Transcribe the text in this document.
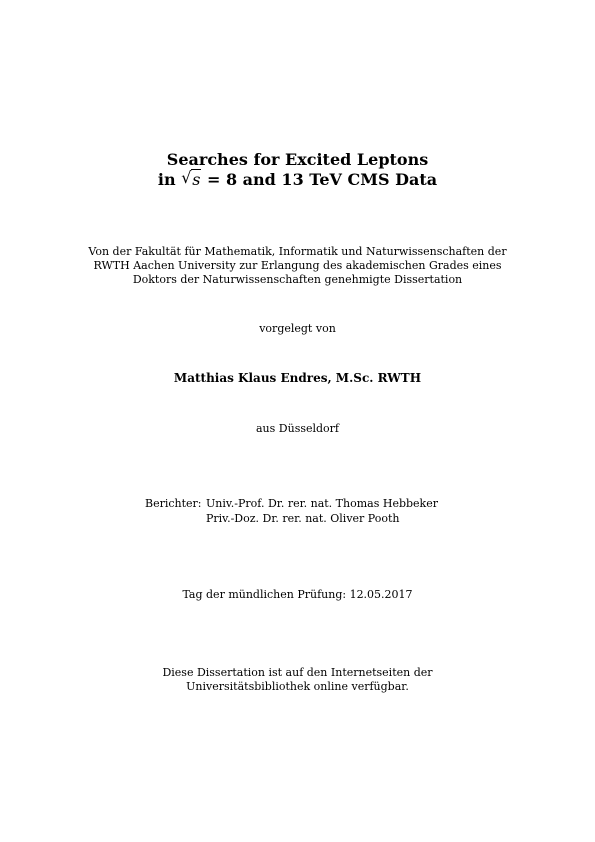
Searches for Excited Leptons
in √ s = 8 and 13 TeV CMS Data
Von der Fakultät für Mathematik, Informatik und Naturwissenschaften der
RWTH Aachen University zur Erlangung des akademischen Grades eines
Doktors der Naturwissenschaften genehmigte Dissertation
vorgelegt von
Matthias Klaus Endres, M.Sc. RWTH
aus Düsseldorf
Berichter: Univ.-Prof. Dr. rer. nat. Thomas Hebbeker
Priv.-Doz. Dr. rer. nat. Oliver Pooth
Tag der mündlichen Prüfung: 12.05.2017
Diese Dissertation ist auf den Internetseiten der
Universitätsbibliothek online verfügbar.
